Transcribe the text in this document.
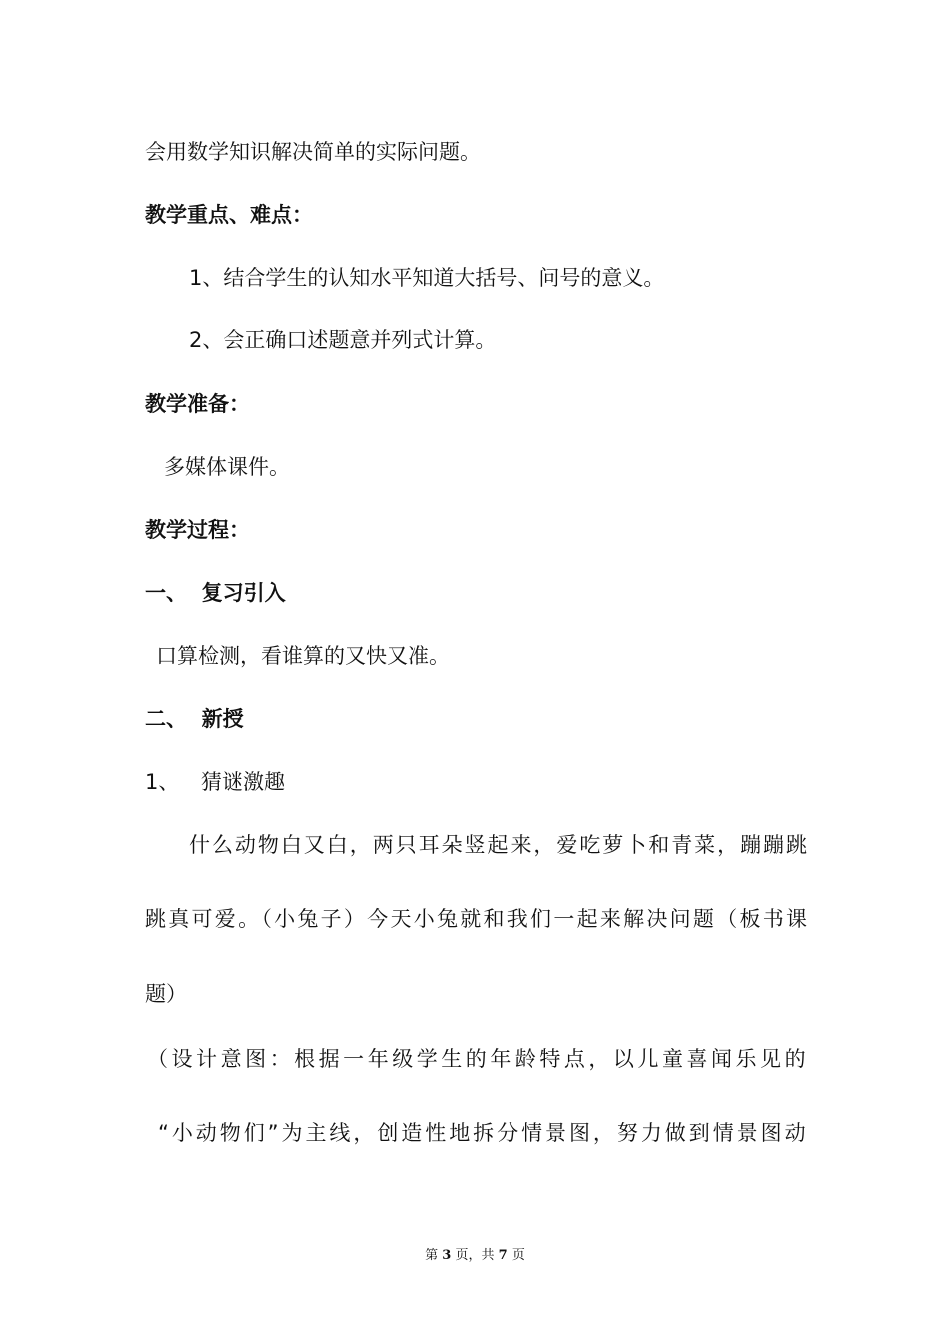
会用数学知识解决简单的实际问题。
教学重点、难点：
1、结合学生的认知水平知道大括号、问号的意义。
2、会正确口述题意并列式计算。
教学准备：
多媒体课件。
教学过程：
一、  复习引入
口算检测，看谁算的又快又准。
二、  新授
1、 猜谜激趣
什么动物白又白，两只耳朵竖起来，爱吃萝卜和青菜，蹦蹦跳
跳真可爱。（小兔子）今天小兔就和我们一起来解决问题（板书课
题）
（设计意图：根据一年级学生的年龄特点，以儿童喜闻乐见的
“小动物们”为主线，创造性地拆分情景图，努力做到情景图动
第 3 页，共 7 页
